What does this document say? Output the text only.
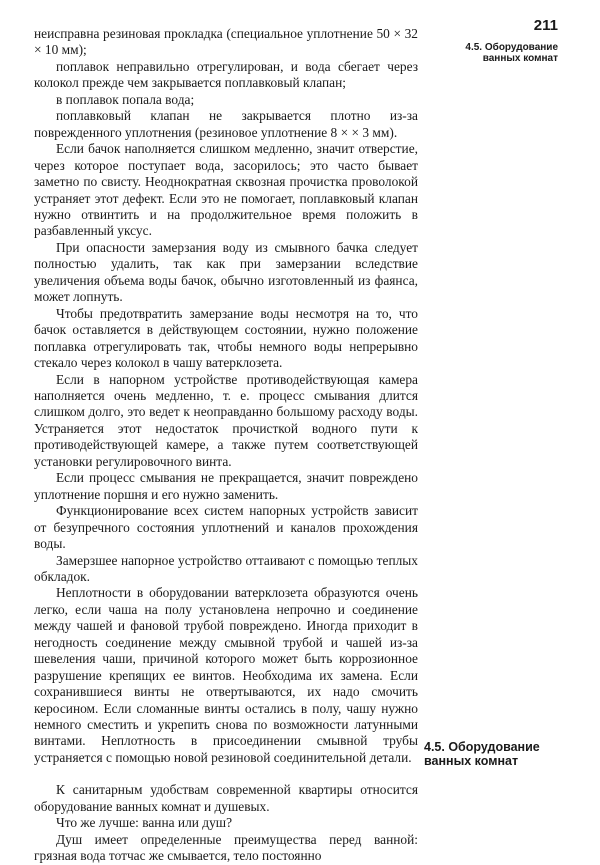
211
4.5. Оборудование ванных комнат

неисправна резиновая прокладка (специальное уплотнение 50 × 32 × 10 мм);

поплавок неправильно отрегулирован, и вода сбегает через колокол прежде чем закрывается поплавковый клапан;

в поплавок попала вода;

поплавковый клапан не закрывается плотно из-за поврежденного уплотнения (резиновое уплотнение 8 × × 3 мм).

Если бачок наполняется слишком медленно, значит отверстие, через которое поступает вода, засорилось; это часто бывает заметно по свисту. Неоднократная сквозная прочистка проволокой устраняет этот дефект. Если это не помогает, поплавковый клапан нужно отвинтить и на продолжительное время положить в разбавленный уксус.

При опасности замерзания воду из смывного бачка следует полностью удалить, так как при замерзании вследствие увеличения объема воды бачок, обычно изготовленный из фаянса, может лопнуть.

Чтобы предотвратить замерзание воды несмотря на то, что бачок оставляется в действующем состоянии, нужно положение поплавка отрегулировать так, чтобы немного воды непрерывно стекало через колокол в чашу ватерклозета.

Если в напорном устройстве противодействующая камера наполняется очень медленно, т. е. процесс смывания длится слишком долго, это ведет к неоправданно большому расходу воды. Устраняется этот недостаток прочисткой водного пути к противодействующей камере, а также путем соответствующей установки регулировочного винта.

Если процесс смывания не прекращается, значит повреждено уплотнение поршня и его нужно заменить.

Функционирование всех систем напорных устройств зависит от безупречного состояния уплотнений и каналов прохождения воды.

Замерзшее напорное устройство оттаивают с помощью теплых обкладок.

Неплотности в оборудовании ватерклозета образуются очень легко, если чаша на полу установлена непрочно и соединение между чашей и фановой трубой повреждено. Иногда приходит в негодность соединение между смывной трубой и чашей из-за шевеления чаши, причиной которого может быть коррозионное разрушение крепящих ее винтов. Необходима их замена. Если сохранившиеся винты не отвертываются, их надо смочить керосином. Если сломанные винты остались в полу, чашу нужно немного сместить и укрепить снова по возможности латунными винтами. Неплотность в присоединении смывной трубы устраняется с помощью новой резиновой соединительной детали.

К санитарным удобствам современной квартиры относится оборудование ванных комнат и душевых.

Что же лучше: ванна или душ?

Душ имеет определенные преимущества перед ванной: грязная вода тотчас же смывается, тело постоянно

4.5. Оборудование ванных комнат
